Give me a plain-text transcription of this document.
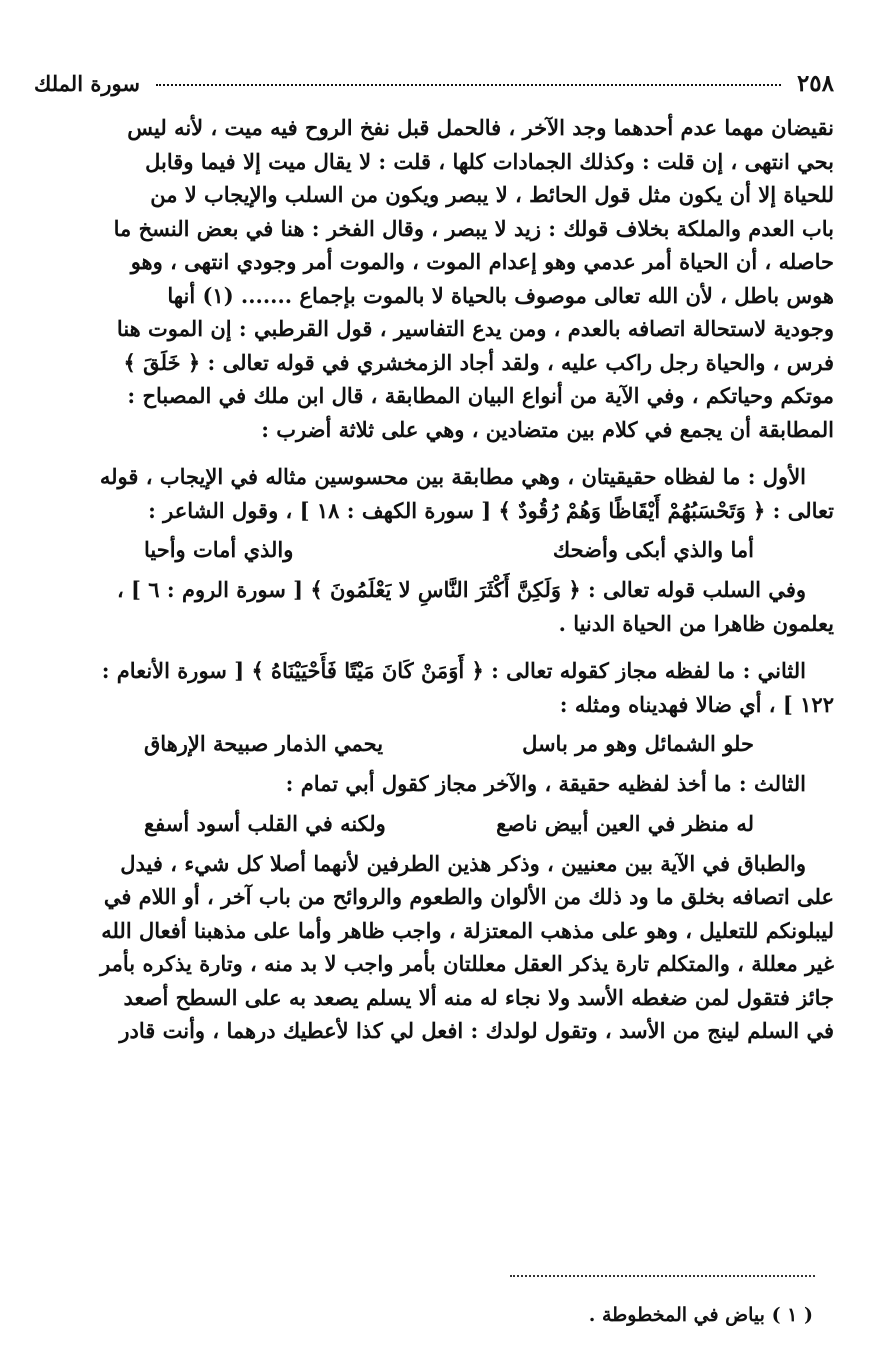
٢٥٨
سورة الملك

نقيضان مهما عدم أحدهما وجد الآخر ، فالحمل قبل نفخ الروح فيه ميت ، لأنه ليس

بحي انتهى ، إن قلت : وكذلك الجمادات كلها ، قلت : لا يقال ميت إلا فيما وقابل

للحياة إلا أن يكون مثل قول الحائط ، لا يبصر ويكون من السلب والإيجاب لا من

باب العدم والملكة بخلاف قولك : زيد لا يبصر ، وقال الفخر : هنا في بعض النسخ ما

حاصله ، أن الحياة أمر عدمي وهو إعدام الموت ، والموت أمر وجودي انتهى ، وهو

هوس باطل ، لأن الله تعالى موصوف بالحياة لا بالموت بإجماع ....... (١) أنها

وجودية لاستحالة اتصافه بالعدم ، ومن يدع التفاسير ، قول القرطبي : إن الموت هنا

فرس ، والحياة رجل راكب عليه ، ولقد أجاد الزمخشري في قوله تعالى : ﴿ خَلَقَ ﴾

موتكم وحياتكم ، وفي الآية من أنواع البيان المطابقة ، قال ابن ملك في المصباح :

المطابقة أن يجمع في كلام بين متضادين ، وهي على ثلاثة أضرب :

الأول : ما لفظاه حقيقيتان ، وهي مطابقة بين محسوسين مثاله في الإيجاب ، قوله

تعالى : ﴿ وَتَحْسَبُهُمْ أَيْقَاظًا وَهُمْ رُقُودٌ ﴾ [ سورة الكهف : ١٨ ] ، وقول الشاعر :

أما والذي أبكى وأضحك
والذي أمات وأحيا

وفي السلب قوله تعالى : ﴿ وَلَكِنَّ أَكْثَرَ النَّاسِ لا يَعْلَمُونَ ﴾ [ سورة الروم : ٦ ] ،

يعلمون ظاهرا من الحياة الدنيا .

الثاني : ما لفظه مجاز كقوله تعالى : ﴿ أَوَمَنْ كَانَ مَيْتًا فَأَحْيَيْنَاهُ ﴾ [ سورة الأنعام :

١٢٢ ] ، أي ضالا فهديناه ومثله :

حلو الشمائل وهو مر باسل
يحمي الذمار صبيحة الإرهاق

الثالث : ما أخذ لفظيه حقيقة ، والآخر مجاز كقول أبي تمام :

له منظر في العين أبيض ناصع
ولكنه في القلب أسود أسفع

والطباق في الآية بين معنيين ، وذكر هذين الطرفين لأنهما أصلا كل شيء ، فيدل

على اتصافه بخلق ما ود ذلك من الألوان والطعوم والروائح من باب آخر ، أو اللام في

ليبلونكم للتعليل ، وهو على مذهب المعتزلة ، واجب ظاهر وأما على مذهبنا أفعال الله

غير معللة ، والمتكلم تارة يذكر العقل معللتان بأمر واجب لا بد منه ، وتارة يذكره بأمر

جائز فتقول لمن ضغطه الأسد ولا نجاء له منه ألا يسلم يصعد به على السطح أصعد

في السلم لينج من الأسد ، وتقول لولدك : افعل لي كذا لأعطيك درهما ، وأنت قادر

( ١ ) بياض في المخطوطة .
